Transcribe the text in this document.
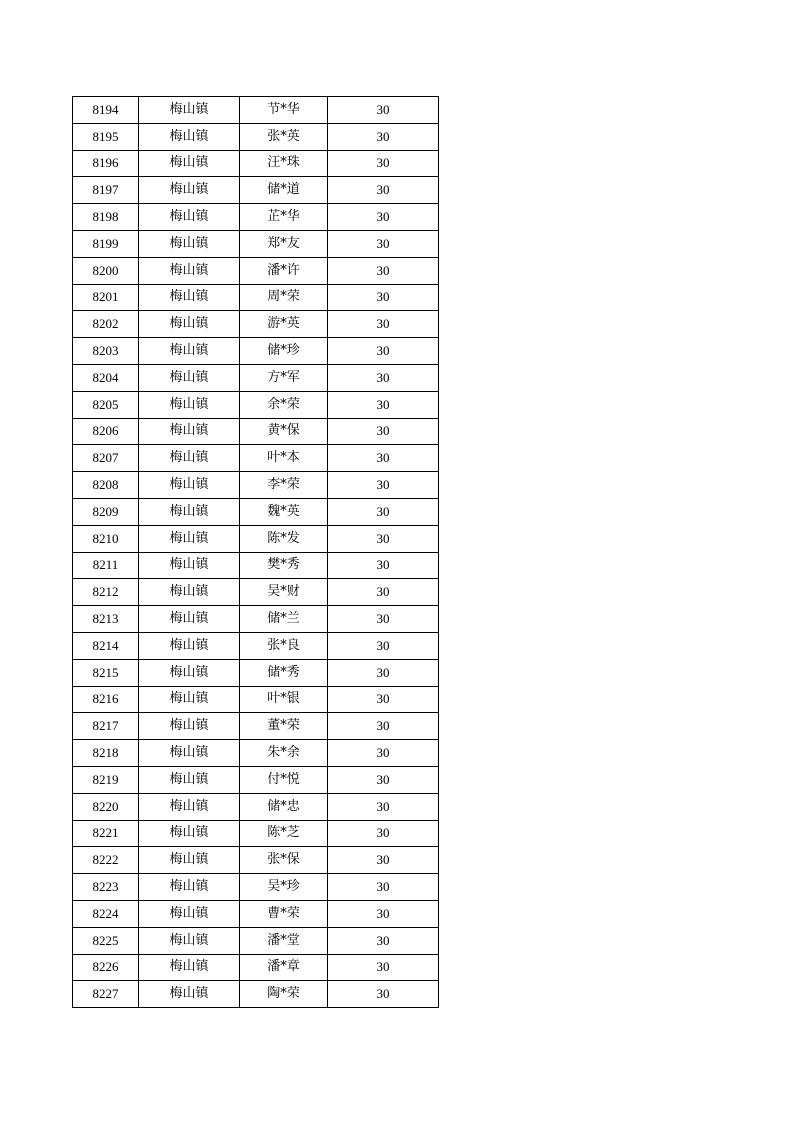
8194	梅山镇	节*华	30
8195	梅山镇	张*英	30
8196	梅山镇	汪*珠	30
8197	梅山镇	储*道	30
8198	梅山镇	芷*华	30
8199	梅山镇	郑*友	30
8200	梅山镇	潘*许	30
8201	梅山镇	周*荣	30
8202	梅山镇	游*英	30
8203	梅山镇	储*珍	30
8204	梅山镇	方*军	30
8205	梅山镇	余*荣	30
8206	梅山镇	黄*保	30
8207	梅山镇	叶*本	30
8208	梅山镇	李*荣	30
8209	梅山镇	魏*英	30
8210	梅山镇	陈*发	30
8211	梅山镇	樊*秀	30
8212	梅山镇	吴*财	30
8213	梅山镇	储*兰	30
8214	梅山镇	张*良	30
8215	梅山镇	储*秀	30
8216	梅山镇	叶*银	30
8217	梅山镇	董*荣	30
8218	梅山镇	朱*余	30
8219	梅山镇	付*悦	30
8220	梅山镇	储*忠	30
8221	梅山镇	陈*芝	30
8222	梅山镇	张*保	30
8223	梅山镇	吴*珍	30
8224	梅山镇	曹*荣	30
8225	梅山镇	潘*堂	30
8226	梅山镇	潘*章	30
8227	梅山镇	陶*荣	30
